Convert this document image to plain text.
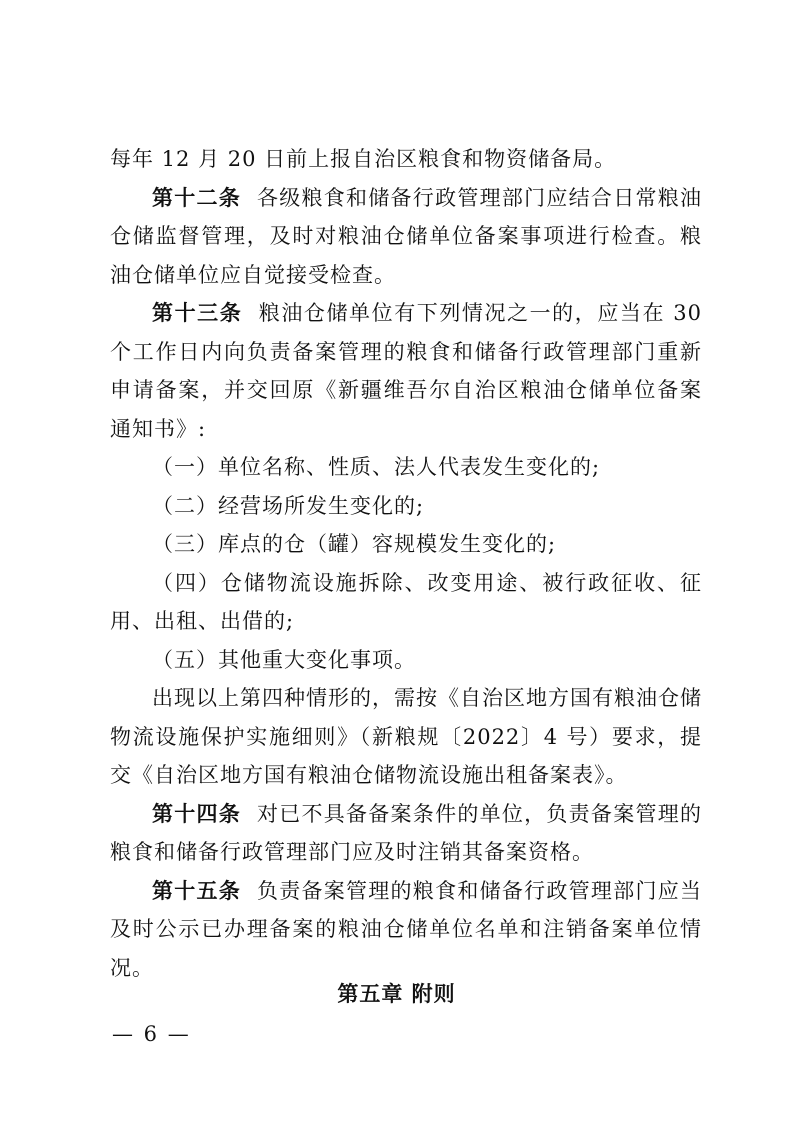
每年 12 月 20 日前上报自治区粮食和物资储备局。

第十二条 各级粮食和储备行政管理部门应结合日常粮油仓储监督管理，及时对粮油仓储单位备案事项进行检查。粮油仓储单位应自觉接受检查。

第十三条 粮油仓储单位有下列情况之一的，应当在 30 个工作日内向负责备案管理的粮食和储备行政管理部门重新申请备案，并交回原《新疆维吾尔自治区粮油仓储单位备案通知书》:

（一）单位名称、性质、法人代表发生变化的;

（二）经营场所发生变化的;

（三）库点的仓（罐）容规模发生变化的;

（四）仓储物流设施拆除、改变用途、被行政征收、征用、出租、出借的;

（五）其他重大变化事项。

出现以上第四种情形的，需按《自治区地方国有粮油仓储物流设施保护实施细则》（新粮规〔2022〕4 号）要求，提交《自治区地方国有粮油仓储物流设施出租备案表》。

第十四条 对已不具备备案条件的单位，负责备案管理的粮食和储备行政管理部门应及时注销其备案资格。

第十五条 负责备案管理的粮食和储备行政管理部门应当及时公示已办理备案的粮油仓储单位名单和注销备案单位情况。

第五章 附则
— 6 —
